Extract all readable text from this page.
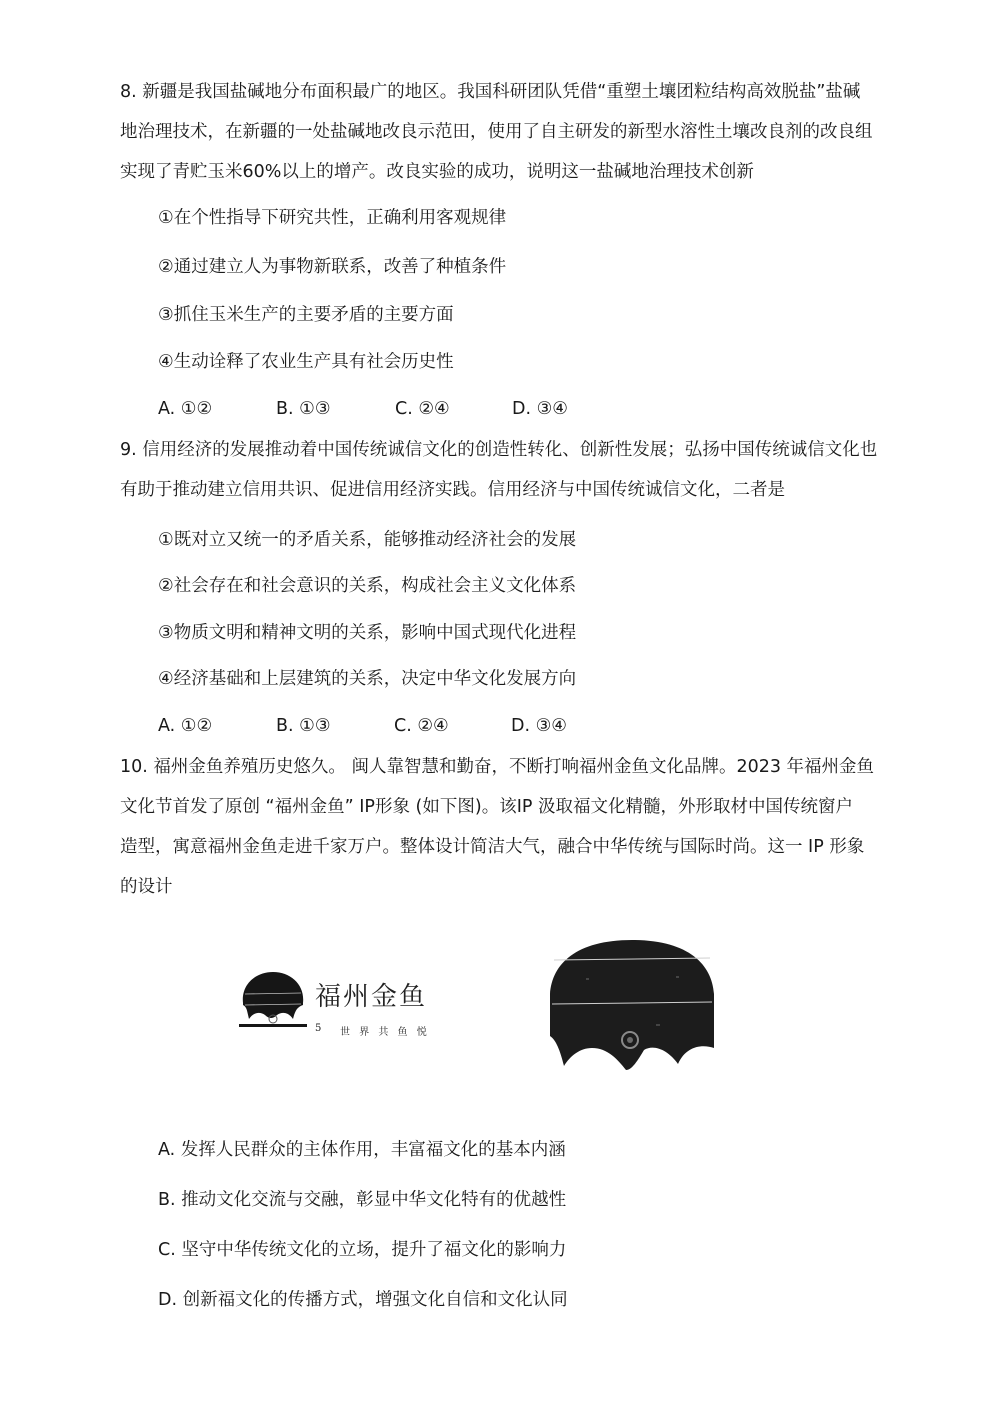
8. 新疆是我国盐碱地分布面积最广的地区。我国科研团队凭借“重塑土壤团粒结构高效脱盐”盐碱
地治理技术，在新疆的一处盐碱地改良示范田，使用了自主研发的新型水溶性土壤改良剂的改良组
实现了青贮玉米60%以上的增产。改良实验的成功，说明这一盐碱地治理技术创新
①在个性指导下研究共性，正确利用客观规律
②通过建立人为事物新联系，改善了种植条件
③抓住玉米生产的主要矛盾的主要方面
④生动诠释了农业生产具有社会历史性
A. ①②	B. ①③	C. ②④	D. ③④
9. 信用经济的发展推动着中国传统诚信文化的创造性转化、创新性发展；弘扬中国传统诚信文化也
有助于推动建立信用共识、促进信用经济实践。信用经济与中国传统诚信文化，二者是
①既对立又统一的矛盾关系，能够推动经济社会的发展
②社会存在和社会意识的关系，构成社会主义文化体系
③物质文明和精神文明的关系，影响中国式现代化进程
④经济基础和上层建筑的关系，决定中华文化发展方向
A. ①②	B. ①③	C. ②④	D. ③④
10. 福州金鱼养殖历史悠久。 闽人靠智慧和勤奋，不断打响福州金鱼文化品牌。2023 年福州金鱼
文化节首发了原创 “福州金鱼” IP形象 (如下图)。该IP 汲取福文化精髓，外形取材中国传统窗户
造型，寓意福州金鱼走进千家万户。整体设计简洁大气，融合中华传统与国际时尚。这一 IP 形象
的设计
福州金鱼
5 世 界 共 鱼 悦
A. 发挥人民群众的主体作用，丰富福文化的基本内涵
B. 推动文化交流与交融，彰显中华文化特有的优越性
C. 坚守中华传统文化的立场，提升了福文化的影响力
D. 创新福文化的传播方式，增强文化自信和文化认同
